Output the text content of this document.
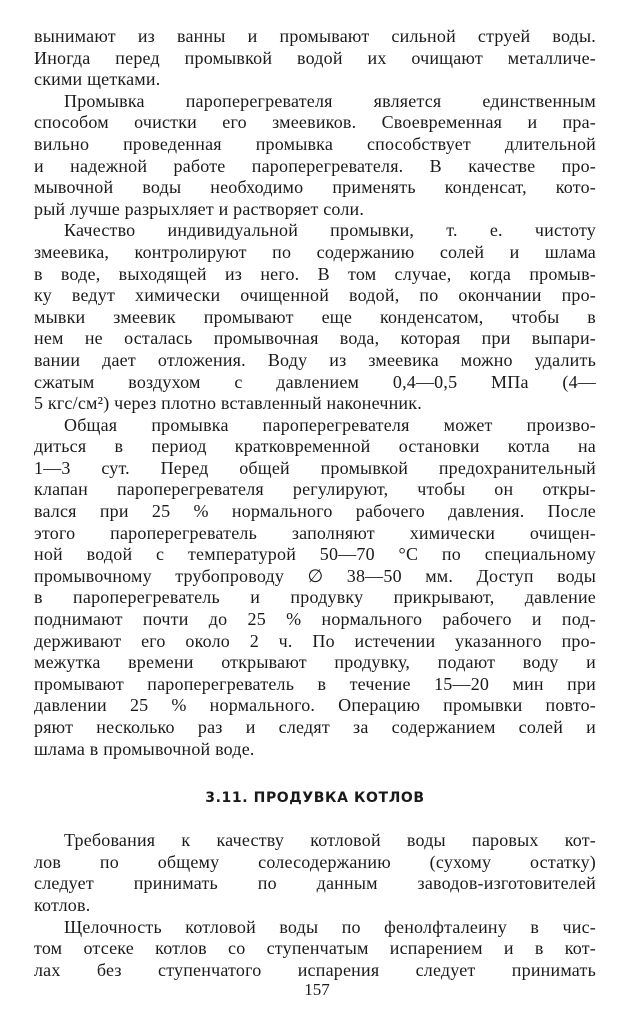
вынимают из ванны и промывают сильной струей воды.
Иногда перед промывкой водой их очищают металличе-
скими щетками.
Промывка пароперегревателя является единственным
способом очистки его змеевиков. Своевременная и пра-
вильно проведенная промывка способствует длительной
и надежной работе пароперегревателя. В качестве про-
мывочной воды необходимо применять конденсат, кото-
рый лучше разрыхляет и растворяет соли.
Качество индивидуальной промывки, т. е. чистоту
змеевика, контролируют по содержанию солей и шлама
в воде, выходящей из него. В том случае, когда промыв-
ку ведут химически очищенной водой, по окончании про-
мывки змеевик промывают еще конденсатом, чтобы в
нем не осталась промывочная вода, которая при выпари-
вании дает отложения. Воду из змеевика можно удалить
сжатым воздухом с давлением 0,4—0,5 МПа (4—
5 кгс/см²) через плотно вставленный наконечник.
Общая промывка пароперегревателя может произво-
диться в период кратковременной остановки котла на
1—3 сут. Перед общей промывкой предохранительный
клапан пароперегревателя регулируют, чтобы он откры-
вался при 25 % нормального рабочего давления. После
этого пароперегреватель заполняют химически очищен-
ной водой с температурой 50—70 °С по специальному
промывочному трубопроводу ∅ 38—50 мм. Доступ воды
в пароперегреватель и продувку прикрывают, давление
поднимают почти до 25 % нормального рабочего и под-
держивают его около 2 ч. По истечении указанного про-
межутка времени открывают продувку, подают воду и
промывают пароперегреватель в течение 15—20 мин при
давлении 25 % нормального. Операцию промывки повто-
ряют несколько раз и следят за содержанием солей и
шлама в промывочной воде.
3.11. ПРОДУВКА КОТЛОВ
Требования к качеству котловой воды паровых кот-
лов по общему солесодержанию (сухому остатку)
следует принимать по данным заводов-изготовителей
котлов.
Щелочность котловой воды по фенолфталеину в чис-
том отсеке котлов со ступенчатым испарением и в кот-
лах без ступенчатого испарения следует принимать
157
